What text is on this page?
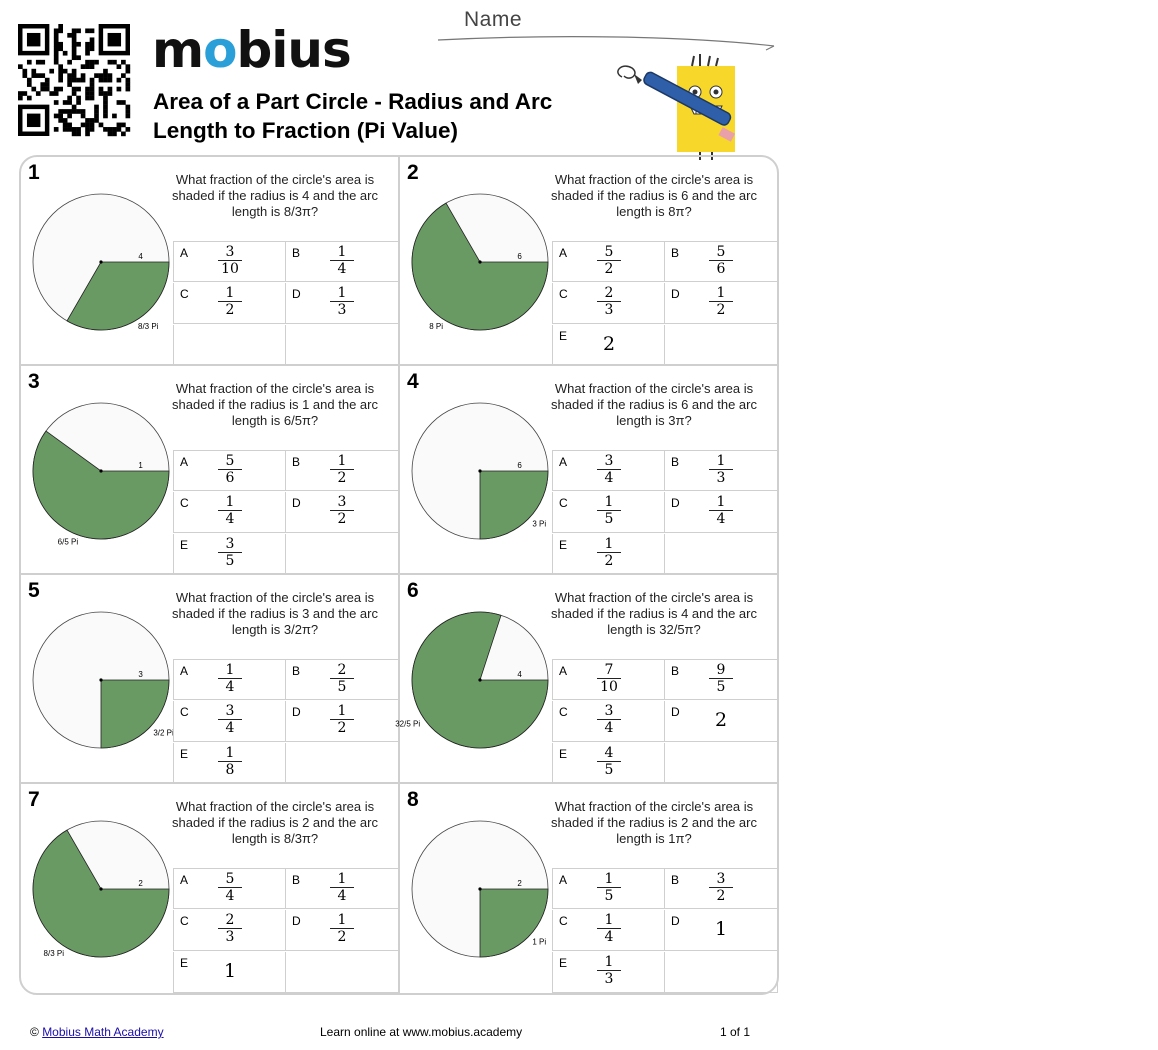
mobius
Area of a Part Circle - Radius and Arc Length to Fraction (Pi Value)
Name
1
4
8/3 Pi
What fraction of the circle's area is shaded if the radius is 4 and the arc length is 8/3π?
A $\frac{3}{10}$	B $\frac{1}{4}$
C $\frac{1}{2}$	D $\frac{1}{3}$
2
6
8 Pi
What fraction of the circle's area is shaded if the radius is 6 and the arc length is 8π?
A $\frac{5}{2}$	B $\frac{5}{6}$
C $\frac{2}{3}$	D $\frac{1}{2}$
E	2
3
1
6/5 Pi
What fraction of the circle's area is shaded if the radius is 1 and the arc length is 6/5π?
A $\frac{5}{6}$	B $\frac{1}{2}$
C $\frac{1}{4}$	D $\frac{3}{2}$
E $\frac{3}{5}$
4
6
3 Pi
What fraction of the circle's area is shaded if the radius is 6 and the arc length is 3π?
A $\frac{3}{4}$	B $\frac{1}{3}$
C $\frac{1}{5}$	D $\frac{1}{4}$
E $\frac{1}{2}$
5
3
3/2 Pi
What fraction of the circle's area is shaded if the radius is 3 and the arc length is 3/2π?
A $\frac{1}{4}$	B $\frac{2}{5}$
C $\frac{3}{4}$	D $\frac{1}{2}$
E $\frac{1}{8}$
6
4
32/5 Pi
What fraction of the circle's area is shaded if the radius is 4 and the arc length is 32/5π?
A $\frac{7}{10}$	B $\frac{9}{5}$
C $\frac{3}{4}$	D	2
E $\frac{4}{5}$
7
2
8/3 Pi
What fraction of the circle's area is shaded if the radius is 2 and the arc length is 8/3π?
A $\frac{5}{4}$	B $\frac{1}{4}$
C $\frac{2}{3}$	D $\frac{1}{2}$
E	1
8
2
1 Pi
What fraction of the circle's area is shaded if the radius is 2 and the arc length is 1π?
A $\frac{1}{5}$	B $\frac{3}{2}$
C $\frac{1}{4}$	D	1
E $\frac{1}{3}$
© Mobius Math Academy	Learn online at www.mobius.academy	1 of 1
